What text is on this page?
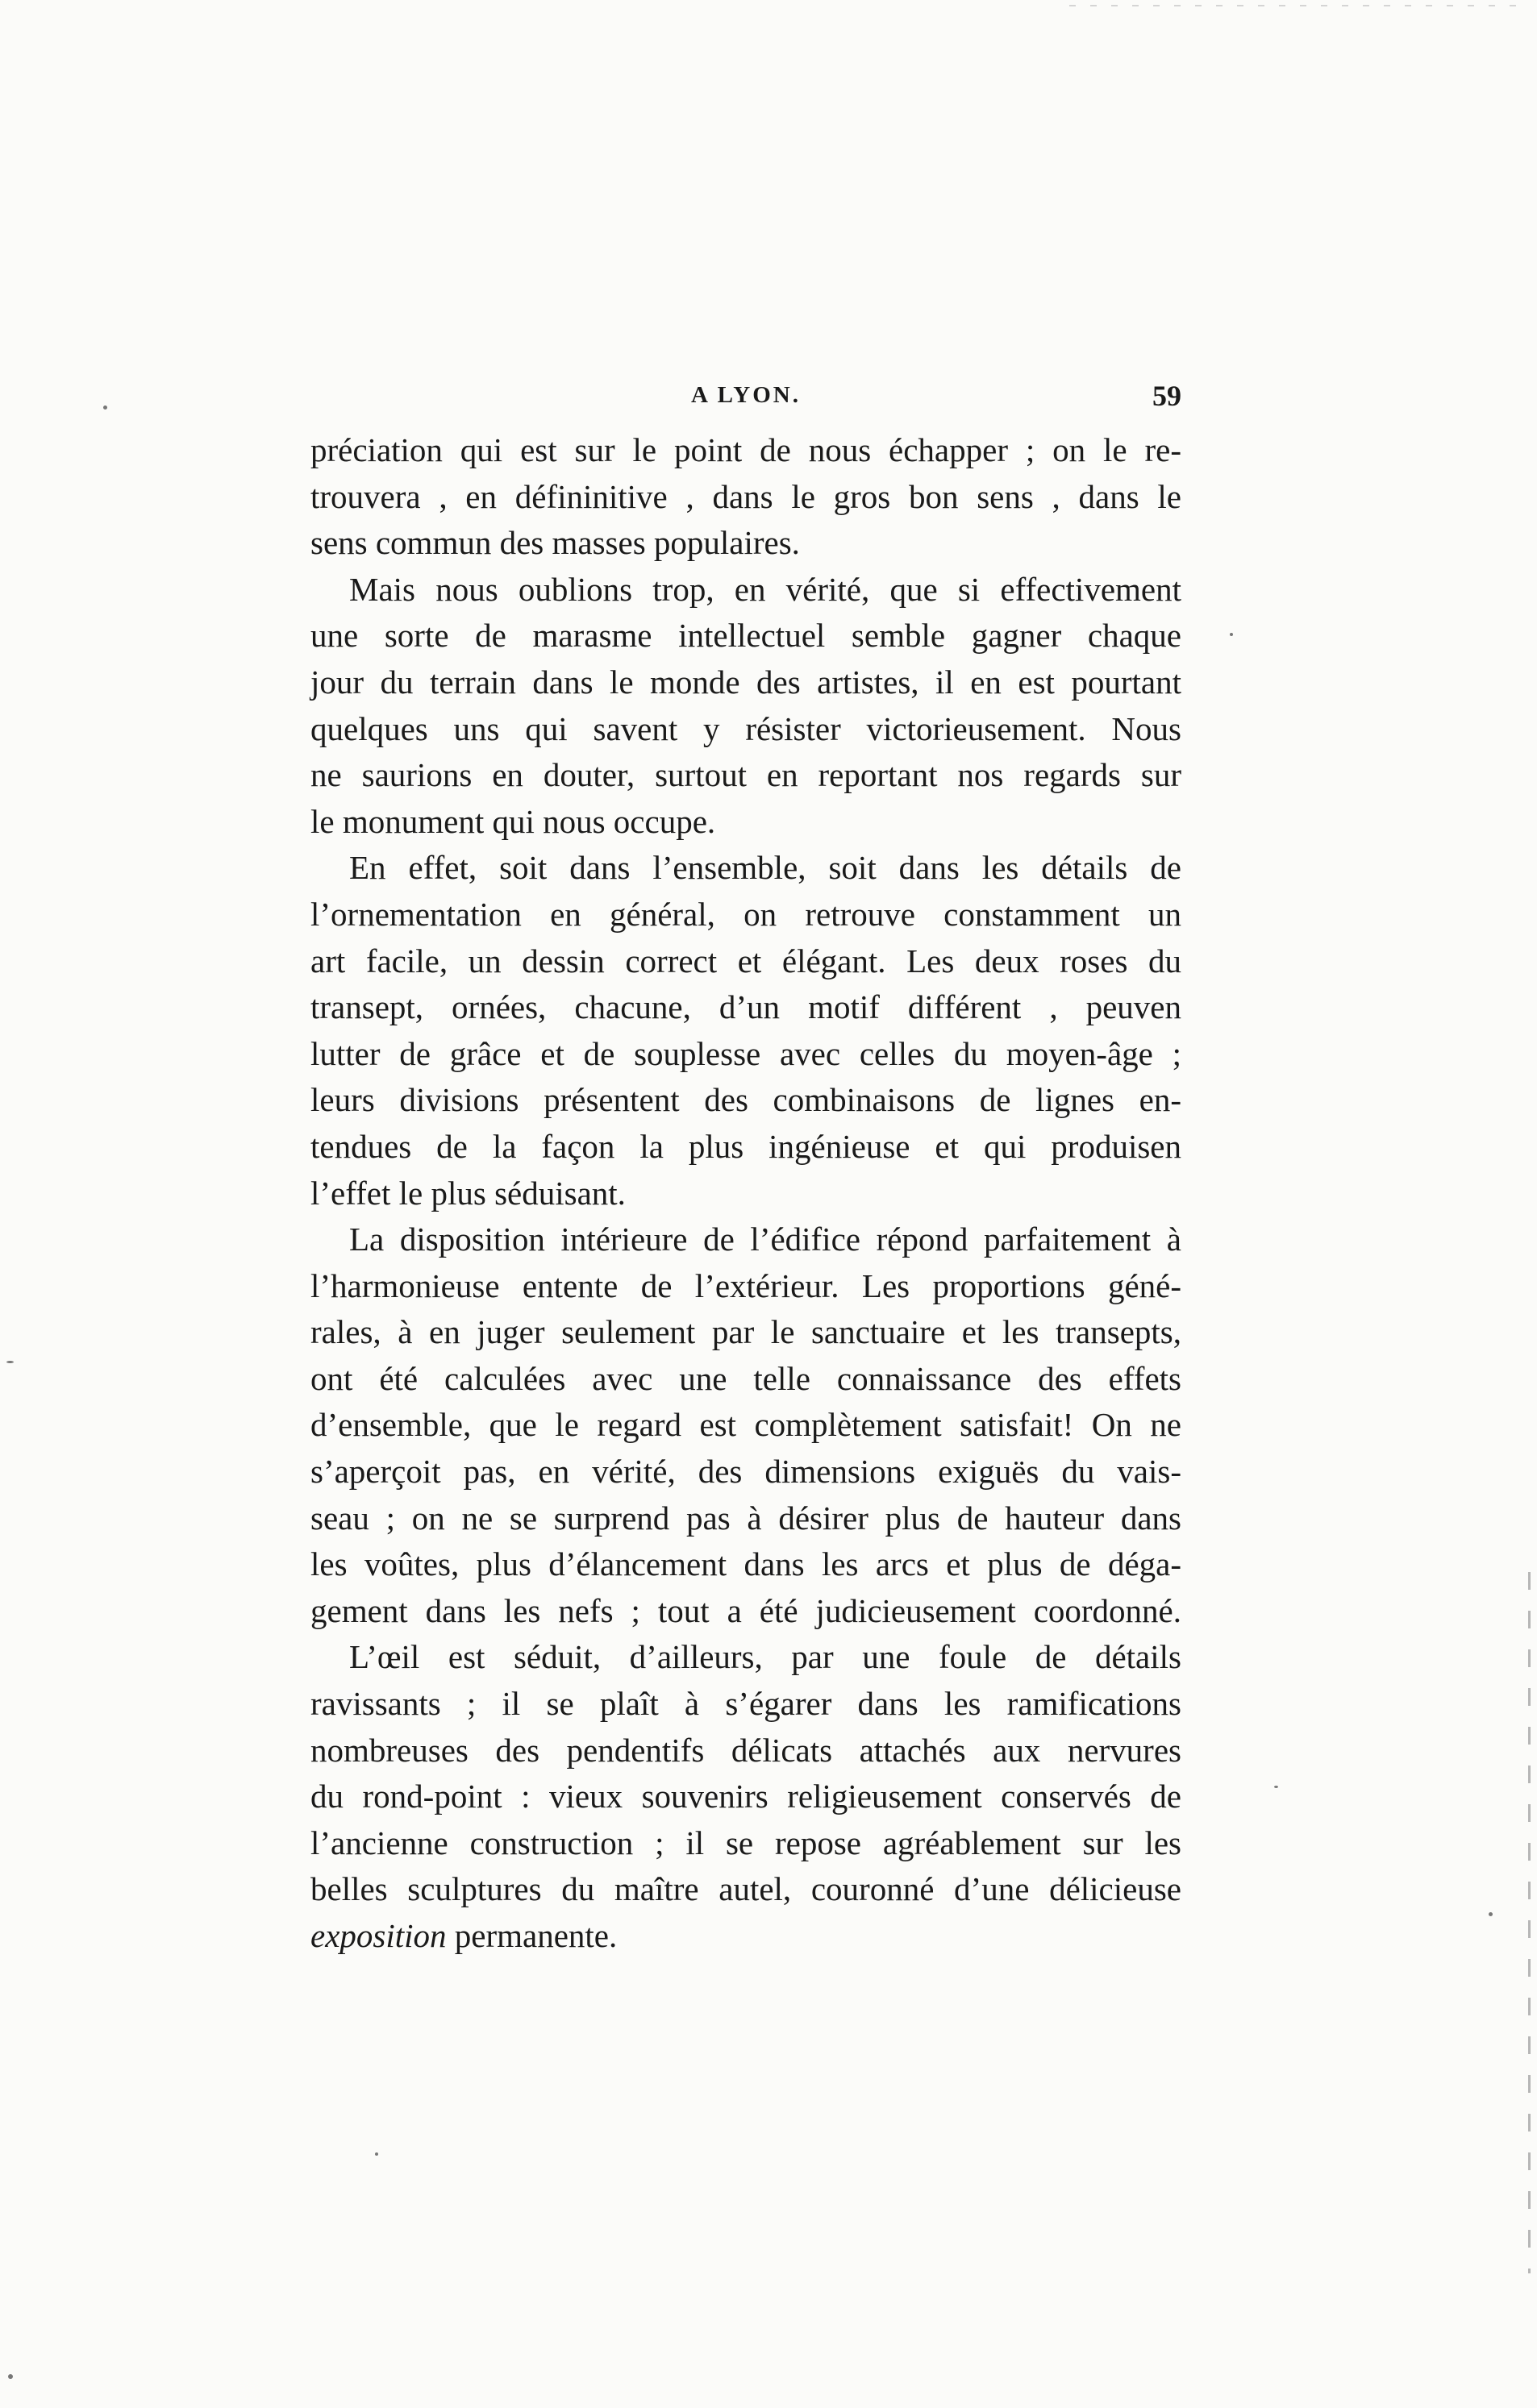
A LYON.	59
préciation qui est sur le point de nous échapper ; on le re-
trouvera , en défininitive , dans le gros bon sens , dans le
sens commun des masses populaires.
Mais nous oublions trop, en vérité, que si effectivement
une sorte de marasme intellectuel semble gagner chaque
jour du terrain dans le monde des artistes, il en est pourtant
quelques uns qui savent y résister victorieusement. Nous
ne saurions en douter, surtout en reportant nos regards sur
le monument qui nous occupe.
En effet, soit dans l’ensemble, soit dans les détails de
l’ornementation en général, on retrouve constamment un
art facile, un dessin correct et élégant. Les deux roses du
transept, ornées, chacune, d’un motif différent , peuven
lutter de grâce et de souplesse avec celles du moyen-âge ;
leurs divisions présentent des combinaisons de lignes en-
tendues de la façon la plus ingénieuse et qui produisen
l’effet le plus séduisant.
La disposition intérieure de l’édifice répond parfaitement à
l’harmonieuse entente de l’extérieur. Les proportions géné-
rales, à en juger seulement par le sanctuaire et les transepts,
ont été calculées avec une telle connaissance des effets
d’ensemble, que le regard est complètement satisfait! On ne
s’aperçoit pas, en vérité, des dimensions exiguës du vais-
seau ; on ne se surprend pas à désirer plus de hauteur dans
les voûtes, plus d’élancement dans les arcs et plus de déga-
gement dans les nefs ; tout a été judicieusement coordonné.
L’œil est séduit, d’ailleurs, par une foule de détails
ravissants ; il se plaît à s’égarer dans les ramifications
nombreuses des pendentifs délicats attachés aux nervures
du rond-point : vieux souvenirs religieusement conservés de
l’ancienne construction ; il se repose agréablement sur les
belles sculptures du maître autel, couronné d’une délicieuse
exposition permanente.
